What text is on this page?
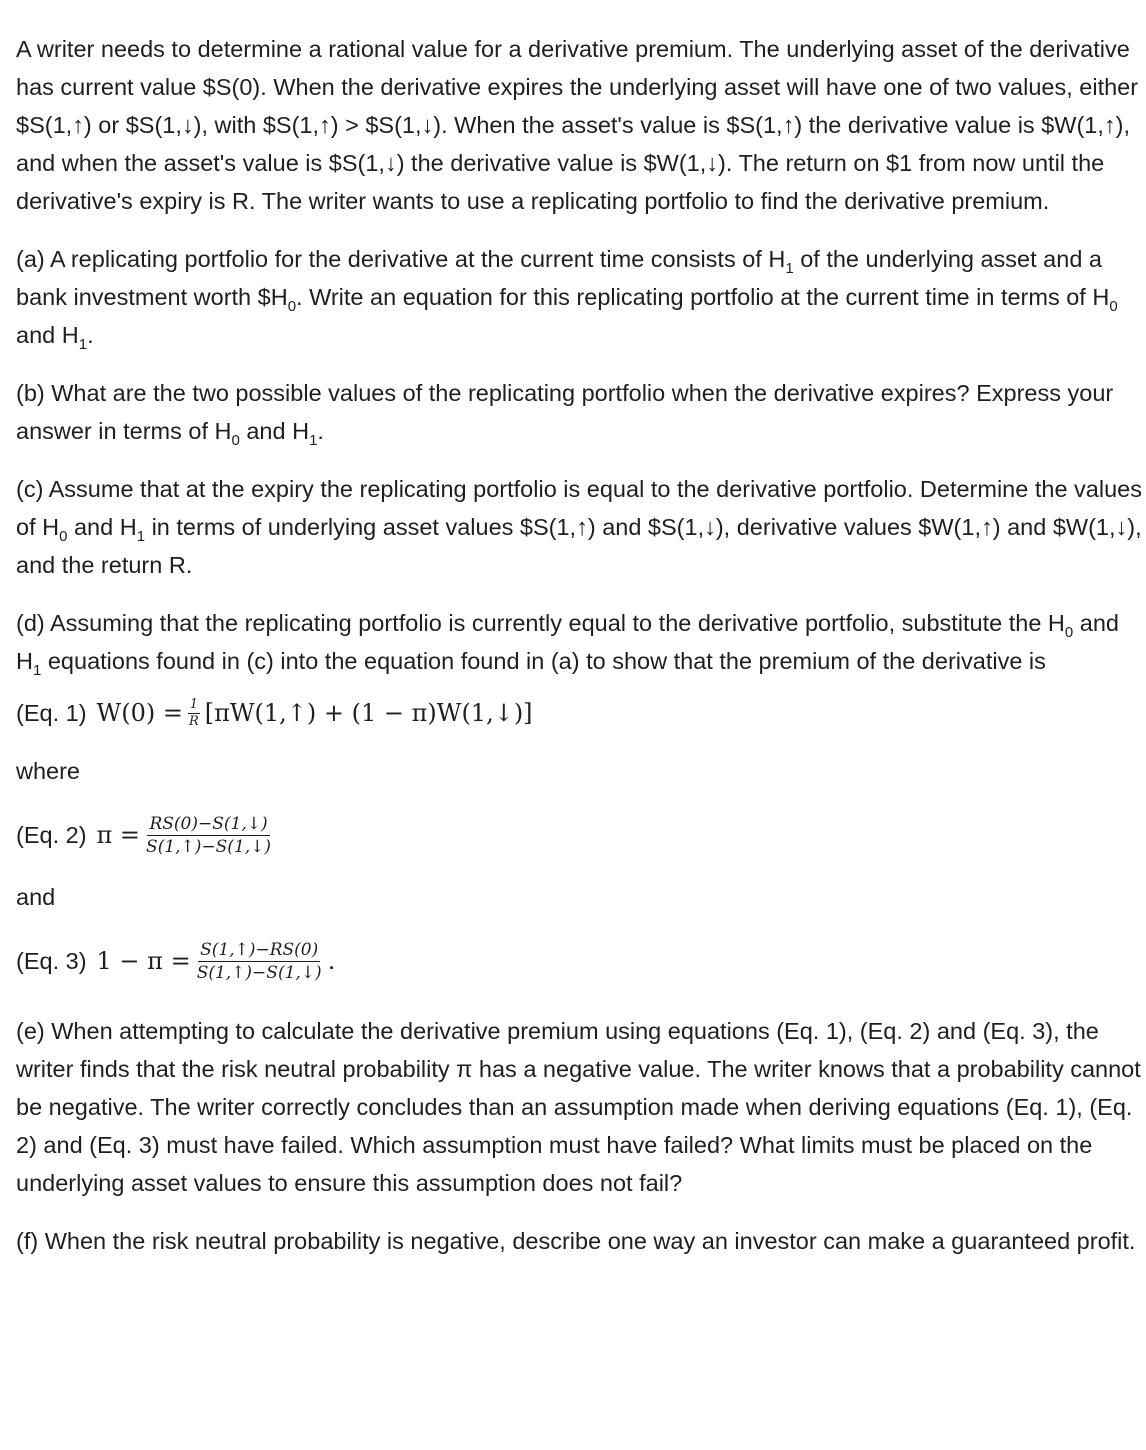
A writer needs to determine a rational value for a derivative premium. The underlying asset of the derivative has current value $S(0). When the derivative expires the underlying asset will have one of two values, either $S(1,↑) or $S(1,↓), with $S(1,↑) > $S(1,↓). When the asset's value is $S(1,↑) the derivative value is $W(1,↑), and when the asset's value is $S(1,↓) the derivative value is $W(1,↓). The return on $1 from now until the derivative's expiry is R. The writer wants to use a replicating portfolio to find the derivative premium.

(a) A replicating portfolio for the derivative at the current time consists of $H_1$ of the underlying asset and a bank investment worth $\$H_0$. Write an equation for this replicating portfolio at the current time in terms of $H_0$ and $H_1$.

(b) What are the two possible values of the replicating portfolio when the derivative expires? Express your answer in terms of $H_0$ and $H_1$.

(c) Assume that at the expiry the replicating portfolio is equal to the derivative portfolio. Determine the values of $H_0$ and $H_1$ in terms of underlying asset values $S(1,↑) and $S(1,↓), derivative values $W(1,↑) and $W(1,↓), and the return R.

(d) Assuming that the replicating portfolio is currently equal to the derivative portfolio, substitute the $H_0$ and $H_1$ equations found in (c) into the equation found in (a) to show that the premium of the derivative is

(Eq. 1) $W(0) = \frac{1}{R}$ [πW(1,↑) + (1 − π)W(1,↓)]

where

(Eq. 2) $\pi = \frac{RS(0)-S(1,↓)}{S(1,↑)-S(1,↓)}$

and

(Eq. 3) $1 - \pi = \frac{S(1,↑)-RS(0)}{S(1,↑)-S(1,↓)}$ .

(e) When attempting to calculate the derivative premium using equations (Eq. 1), (Eq. 2) and (Eq. 3), the writer finds that the risk neutral probability π has a negative value. The writer knows that a probability cannot be negative. The writer correctly concludes than an assumption made when deriving equations (Eq. 1), (Eq. 2) and (Eq. 3) must have failed. Which assumption must have failed? What limits must be placed on the underlying asset values to ensure this assumption does not fail?

(f) When the risk neutral probability is negative, describe one way an investor can make a guaranteed profit.
